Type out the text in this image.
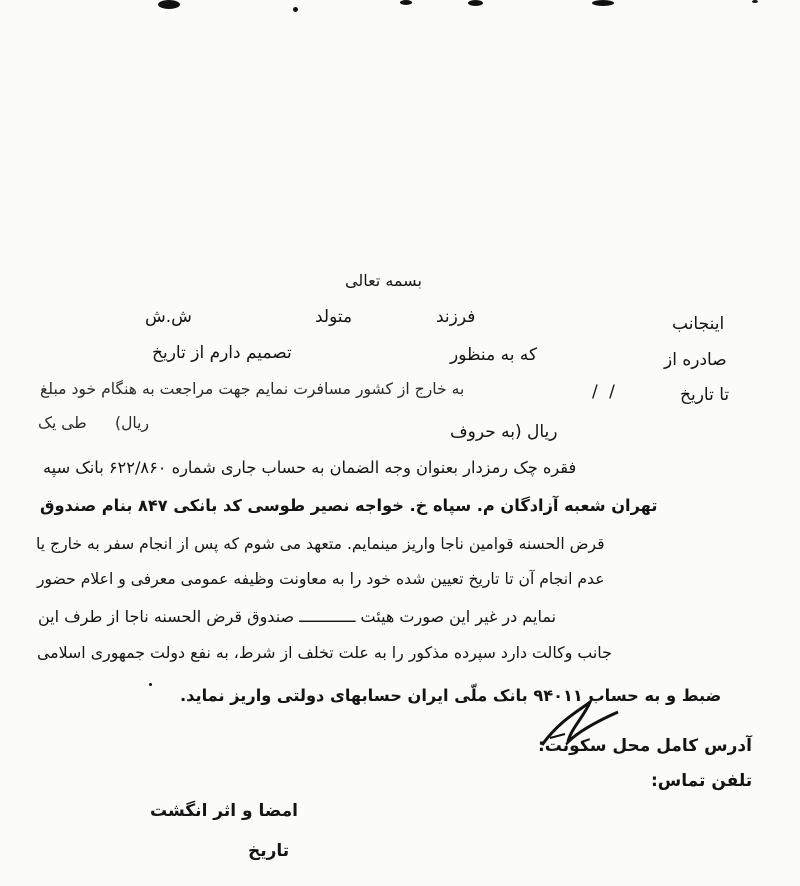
بسمه تعالی
اینجانب
فرزند
متولد
ش.ش
صادره از
که به منظور
تصمیم دارم از تاریخ
تا تاریخ
/ /
به خارج از کشور مسافرت نمایم جهت مراجعت به هنگام خود مبلغ
ریال (به حروف
ریال)
طی یک
فقره چک رمزدار بعنوان وجه الضمان به حساب جاری شماره ۶۲۲/۸۶۰ بانک سپه
تهران شعبه آزادگان م. سپاه خ. خواجه نصیر طوسی کد بانکی ۸۴۷ بنام صندوق
قرض الحسنه قوامین ناجا واریز مینمایم. متعهد می شوم که پس از انجام سفر به خارج یا
عدم انجام آن تا تاریخ تعیین شده خود را به معاونت وظیفه عمومی معرفی و اعلام حضور
نمایم در غیر این صورت هیئت ــــــــــــ صندوق قرض الحسنه ناجا از طرف این
جانب وکالت دارد سپرده مذکور را به علت تخلف از شرط، به نفع دولت جمهوری اسلامی
ضبط و به حساب ۹۴۰۱۱ بانک ملّی ایران حسابهای دولتی واریز نماید.
آدرس کامل محل سکونت:
تلفن تماس:
امضا و اثر انگشت
تاریخ
